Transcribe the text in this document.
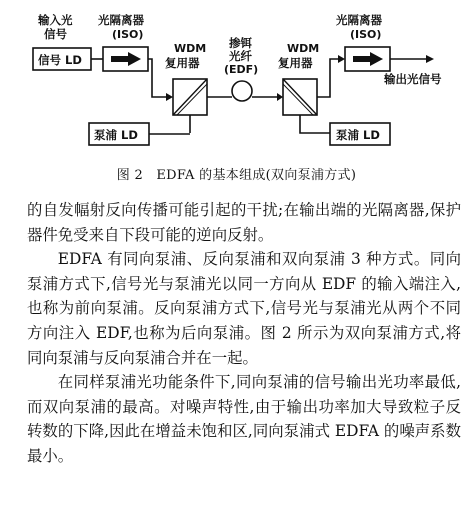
输入光
信号
信号 LD
光隔离器
(ISO)
WDM
复用器
泵浦 LD
掺铒
光纤
(EDF)
WDM
复用器
泵浦 LD
光隔离器
(ISO)
输出光信号
图 2　EDFA 的基本组成(双向泵浦方式)

的自发幅射反向传播可能引起的干扰;在输出端的光隔离器,保护器件免受来自下段可能的逆向反射。

EDFA 有同向泵浦、反向泵浦和双向泵浦 3 种方式。同向泵浦方式下,信号光与泵浦光以同一方向从 EDF 的输入端注入,也称为前向泵浦。反向泵浦方式下,信号光与泵浦光从两个不同方向注入 EDF,也称为后向泵浦。图 2 所示为双向泵浦方式,将同向泵浦与反向泵浦合并在一起。

在同样泵浦光功能条件下,同向泵浦的信号输出光功率最低,而双向泵浦的最高。对噪声特性,由于输出功率加大导致粒子反转数的下降,因此在增益未饱和区,同向泵浦式 EDFA 的噪声系数最小。
